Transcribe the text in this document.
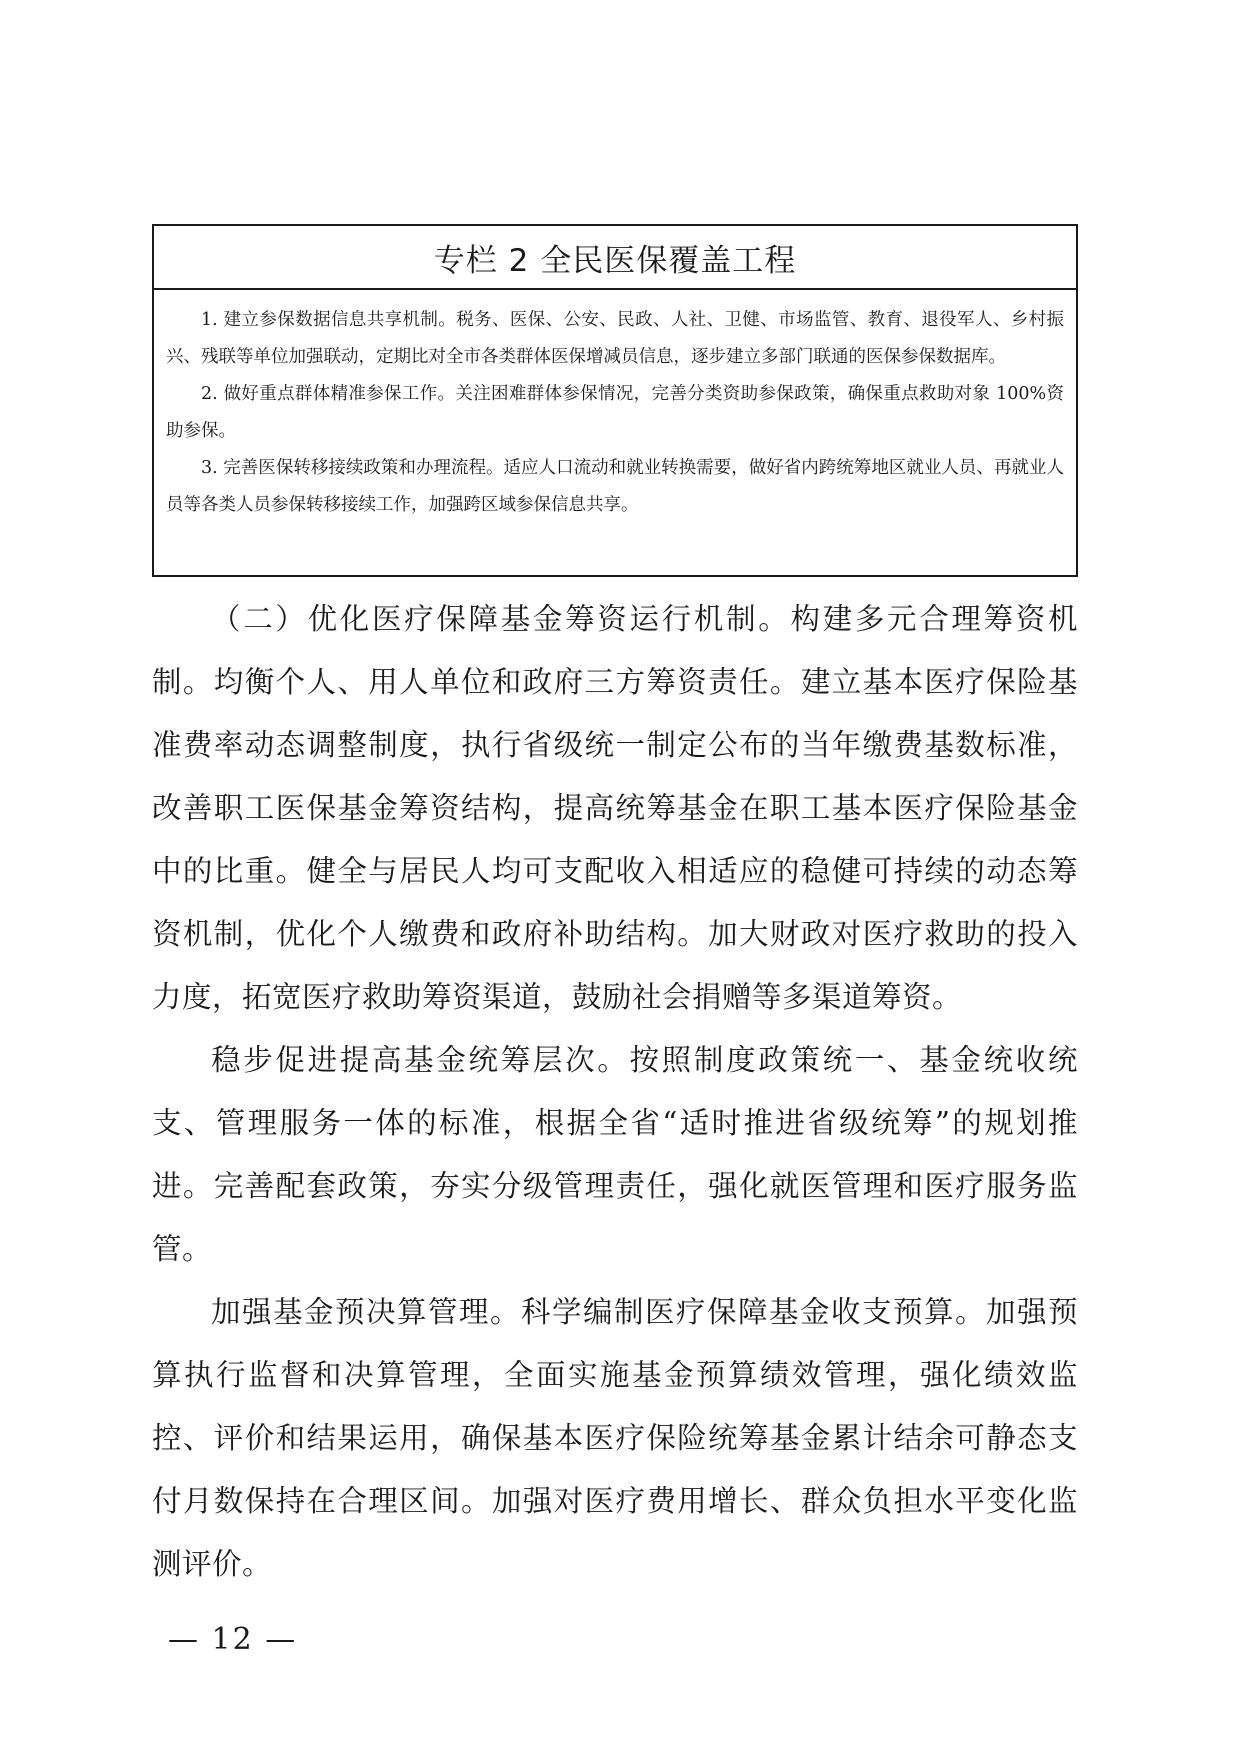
专栏 2 全民医保覆盖工程

1. 建立参保数据信息共享机制。税务、医保、公安、民政、人社、卫健、市场监管、教育、退役军人、乡村振兴、残联等单位加强联动，定期比对全市各类群体医保增减员信息，逐步建立多部门联通的医保参保数据库。

2. 做好重点群体精准参保工作。关注困难群体参保情况，完善分类资助参保政策，确保重点救助对象 100%资助参保。

3. 完善医保转移接续政策和办理流程。适应人口流动和就业转换需要，做好省内跨统筹地区就业人员、再就业人员等各类人员参保转移接续工作，加强跨区域参保信息共享。

（二）优化医疗保障基金筹资运行机制。构建多元合理筹资机制。均衡个人、用人单位和政府三方筹资责任。建立基本医疗保险基准费率动态调整制度，执行省级统一制定公布的当年缴费基数标准，改善职工医保基金筹资结构，提高统筹基金在职工基本医疗保险基金中的比重。健全与居民人均可支配收入相适应的稳健可持续的动态筹资机制，优化个人缴费和政府补助结构。加大财政对医疗救助的投入力度，拓宽医疗救助筹资渠道，鼓励社会捐赠等多渠道筹资。

稳步促进提高基金统筹层次。按照制度政策统一、基金统收统支、管理服务一体的标准，根据全省“适时推进省级统筹”的规划推进。完善配套政策，夯实分级管理责任，强化就医管理和医疗服务监管。

加强基金预决算管理。科学编制医疗保障基金收支预算。加强预算执行监督和决算管理，全面实施基金预算绩效管理，强化绩效监控、评价和结果运用，确保基本医疗保险统筹基金累计结余可静态支付月数保持在合理区间。加强对医疗费用增长、群众负担水平变化监测评价。

— 12 —
